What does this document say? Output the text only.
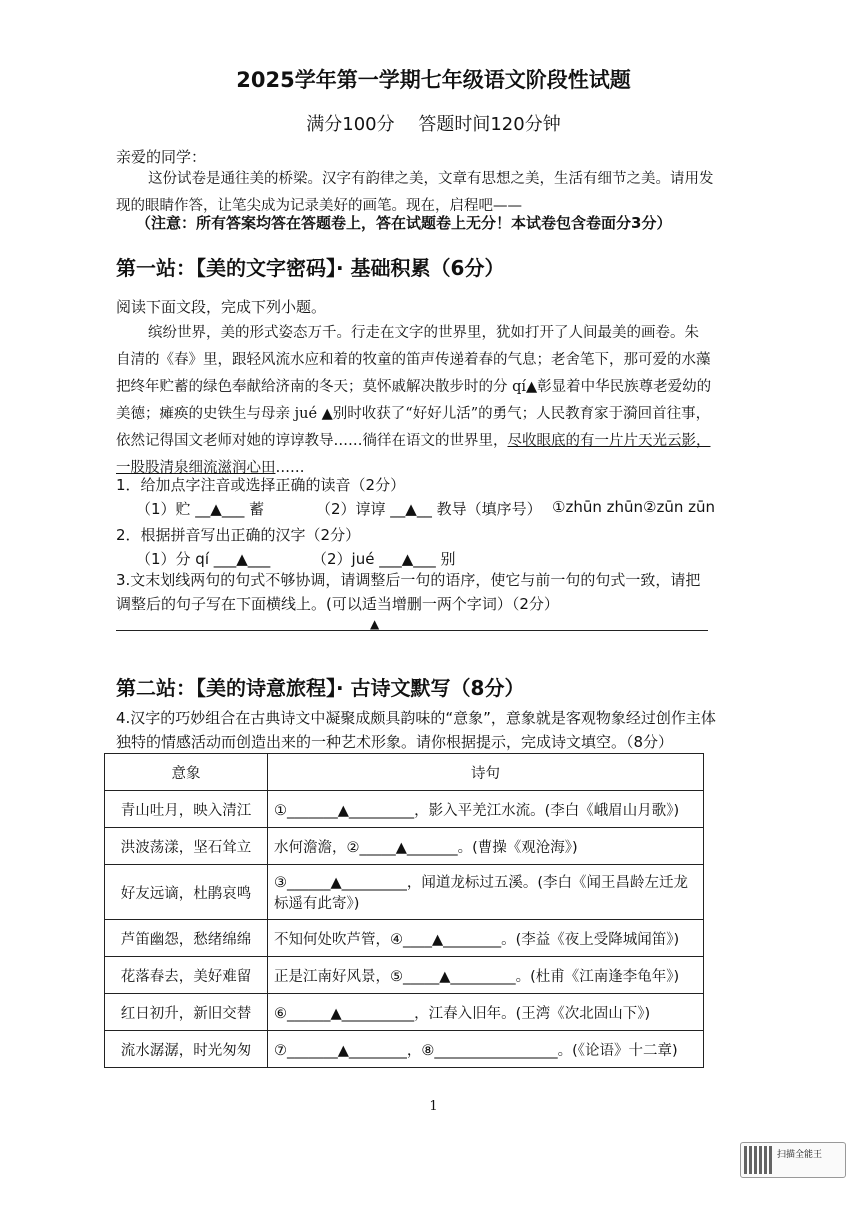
2025学年第一学期七年级语文阶段性试题
满分100分　 答题时间120分钟
亲爱的同学：
这份试卷是通往美的桥梁。汉字有韵律之美，文章有思想之美，生活有细节之美。请用发现的眼睛作答，让笔尖成为记录美好的画笔。现在，启程吧——
（注意：所有答案均答在答题卷上，答在试题卷上无分！本试卷包含卷面分3分）
第一站：【美的文字密码】· 基础积累（6分）
阅读下面文段，完成下列小题。
缤纷世界，美的形式姿态万千。行走在文字的世界里，犹如打开了人间最美的画卷。朱自清的《春》里，跟轻风流水应和着的牧童的笛声传递着春的气息；老舍笔下，那可爱的水藻把终年贮蓄的绿色奉献给济南的冬天；莫怀戚解决散步时的分 qí▲彰显着中华民族尊老爱幼的美德；瘫痪的史铁生与母亲 jué ▲别时收获了“好好儿活”的勇气；人民教育家于漪回首往事，依然记得国文老师对她的谆谆教导……徜徉在语文的世界里，尽收眼底的有一片片天光云影，一股股清泉细流滋润心田……
1．给加点字注音或选择正确的读音（2分）
（1）贮 __▲___ 蓄	（2）谆谆 __▲__ 教导（填序号） ①zhūn zhūn②zūn zūn
2．根据拼音写出正确的汉字（2分）
（1）分 qí ___▲___	（2）jué ___▲___ 别
3.文末划线两句的句式不够协调，请调整后一句的语序，使它与前一句的句式一致，请把调整后的句子写在下面横线上。(可以适当增删一两个字词）（2分）
▲
第二站：【美的诗意旅程】· 古诗文默写（8分）
4.汉字的巧妙组合在古典诗文中凝聚成颇具韵味的“意象”，意象就是客观物象经过创作主体独特的情感活动而创造出来的一种艺术形象。请你根据提示，完成诗文填空。（8分）
意象	诗句
青山吐月，映入清江	①_______▲_________，影入平羌江水流。(李白《峨眉山月歌》)
洪波荡漾，坚石耸立	水何澹澹，②_____▲_______。(曹操《观沧海》)
好友远谪，杜鹃哀鸣	③______▲_________，闻道龙标过五溪。(李白《闻王昌龄左迁龙标遥有此寄》)
芦笛幽怨，愁绪绵绵	不知何处吹芦管，④____▲________。(李益《夜上受降城闻笛》)
花落春去，美好难留	正是江南好风景，⑤_____▲_________。(杜甫《江南逢李龟年》)
红日初升，新旧交替	⑥______▲__________，江春入旧年。(王湾《次北固山下》)
流水潺潺，时光匆匆	⑦_______▲________，⑧_________________。(《论语》十二章)
1
扫描全能王
